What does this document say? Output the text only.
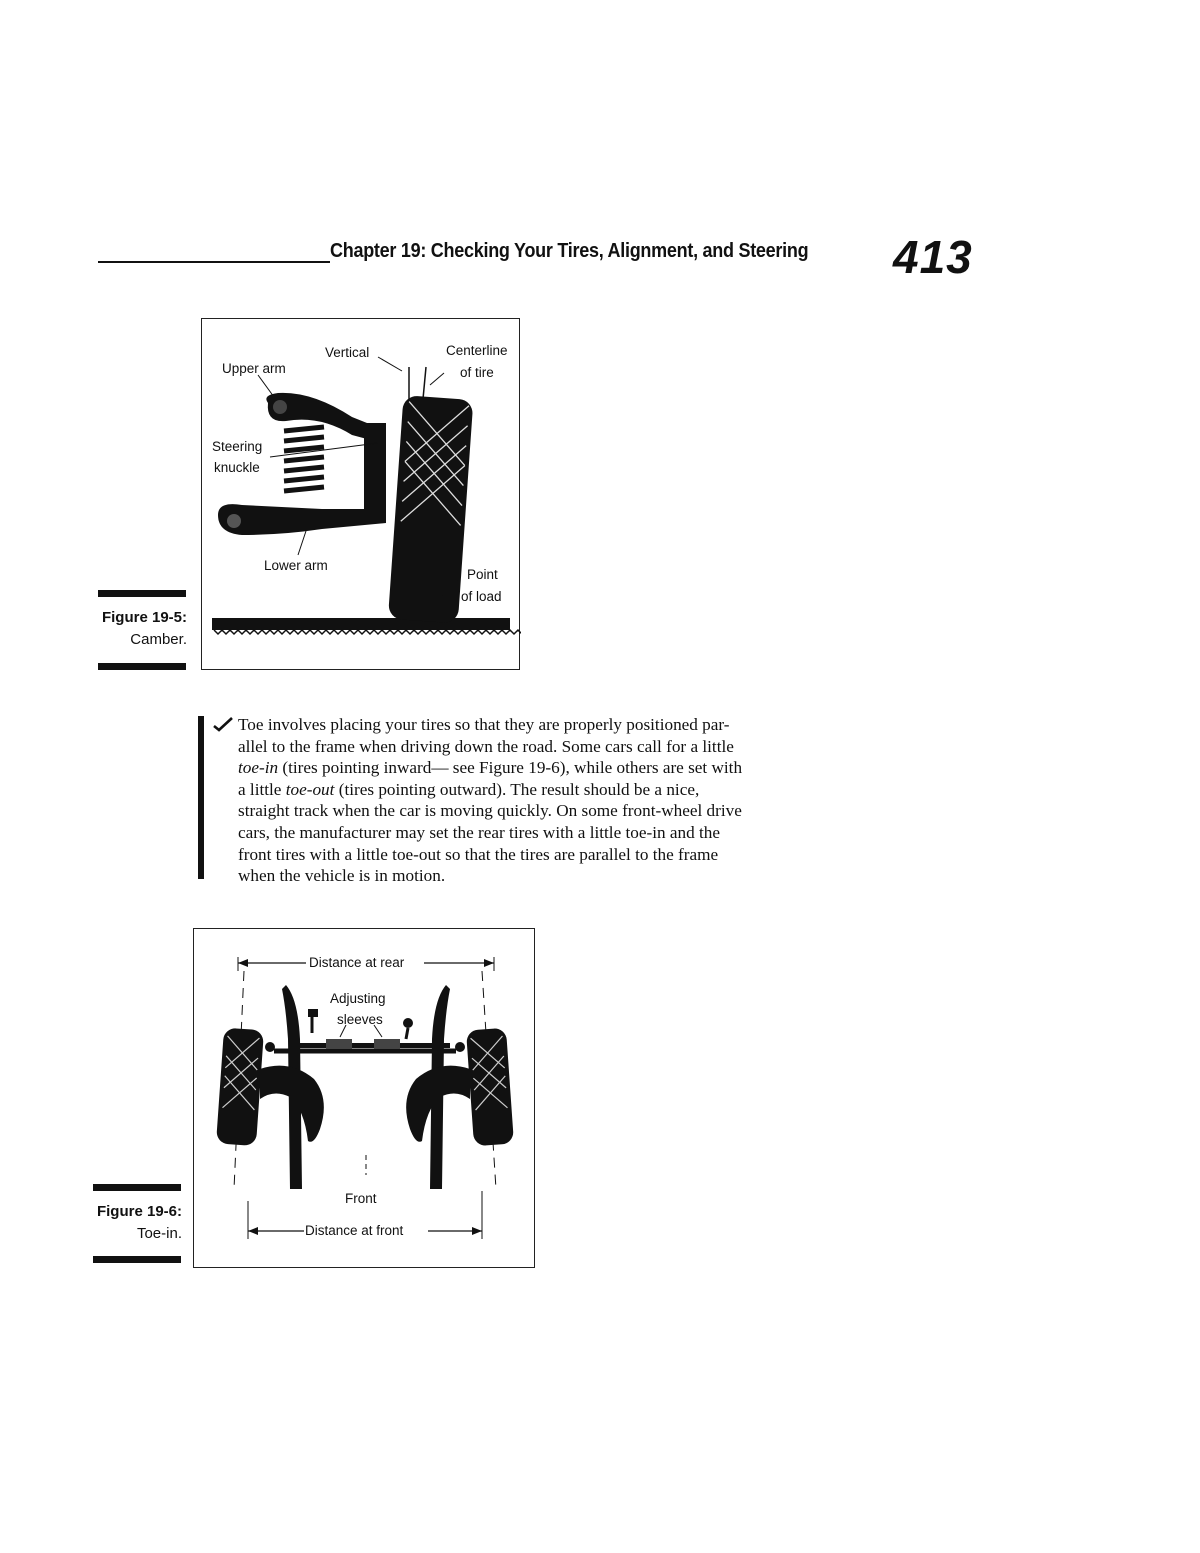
Chapter 19: Checking Your Tires, Alignment, and Steering 413
Vertical	Centerline
of tire
Upper arm
Steering
knuckle
Lower arm
Point
of load
Figure 19-5:
Camber.
Toe involves placing your tires so that they are properly positioned par-
allel to the frame when driving down the road. Some cars call for a little
toe-in (tires pointing inward— see Figure 19-6), while others are set with
a little toe-out (tires pointing outward). The result should be a nice,
straight track when the car is moving quickly. On some front-wheel drive
cars, the manufacturer may set the rear tires with a little toe-in and the
front tires with a little toe-out so that the tires are parallel to the frame
when the vehicle is in motion.
Distance at rear
Adjusting
sleeves
Front
Distance at front
Figure 19-6:
Toe-in.
